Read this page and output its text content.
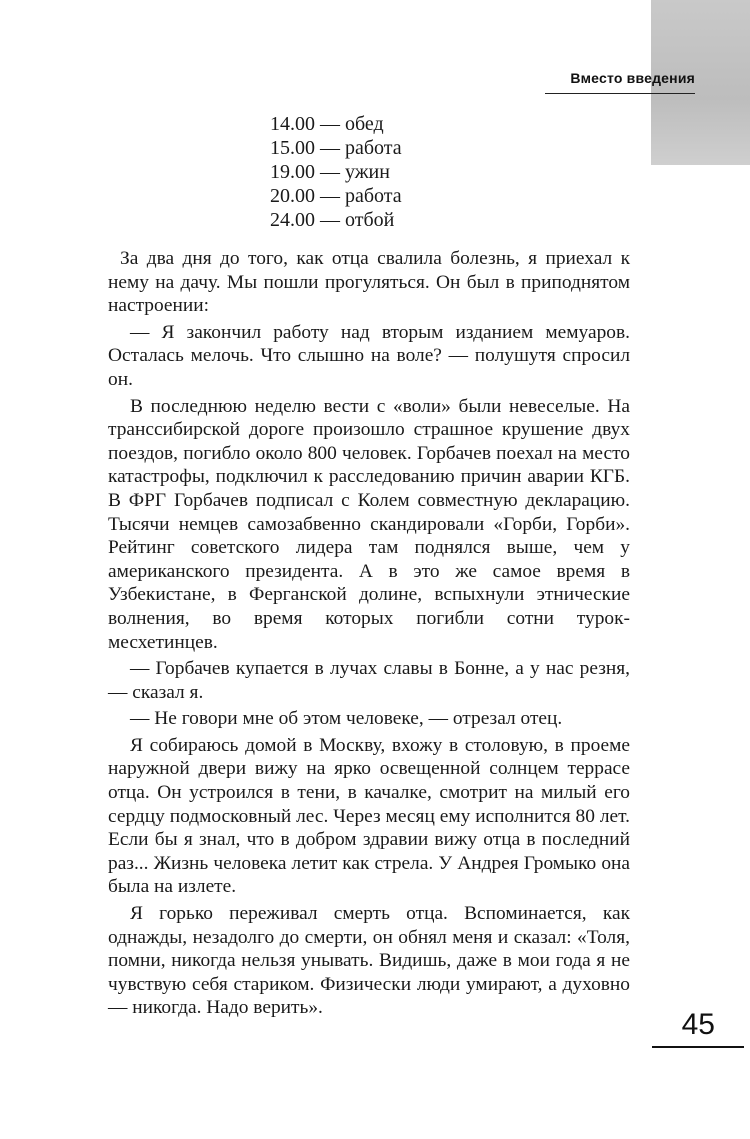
Вместо введения
14.00 — обед
15.00 — работа
19.00 — ужин
20.00 — работа
24.00 — отбой

За два дня до того, как отца свалила болезнь, я приехал к нему на дачу. Мы пошли прогуляться. Он был в приподнятом настроении:

— Я закончил работу над вторым изданием мемуаров. Осталась мелочь. Что слышно на воле? — полушутя спросил он.

В последнюю неделю вести с «воли» были невеселые. На транссибирской дороге произошло страшное крушение двух поездов, погибло около 800 человек. Горбачев поехал на место катастрофы, подключил к расследованию причин аварии КГБ. В ФРГ Горбачев подписал с Колем совместную декларацию. Тысячи немцев самозабвенно скандировали «Горби, Горби». Рейтинг советского лидера там поднялся выше, чем у американского президента. А в это же самое время в Узбекистане, в Ферганской долине, вспыхнули этнические волнения, во время которых погибли сотни турок-месхетинцев.

— Горбачев купается в лучах славы в Бонне, а у нас резня, — сказал я.

— Не говори мне об этом человеке, — отрезал отец.

Я собираюсь домой в Москву, вхожу в столовую, в проеме наружной двери вижу на ярко освещенной солнцем террасе отца. Он устроился в тени, в качалке, смотрит на милый его сердцу подмосковный лес. Через месяц ему исполнится 80 лет. Если бы я знал, что в добром здравии вижу отца в последний раз... Жизнь человека летит как стрела. У Андрея Громыко она была на излете.

Я горько переживал смерть отца. Вспоминается, как однажды, незадолго до смерти, он обнял меня и сказал: «Толя, помни, никогда нельзя унывать. Видишь, даже в мои года я не чувствую себя стариком. Физически люди умирают, а духовно — никогда. Надо верить».

45
